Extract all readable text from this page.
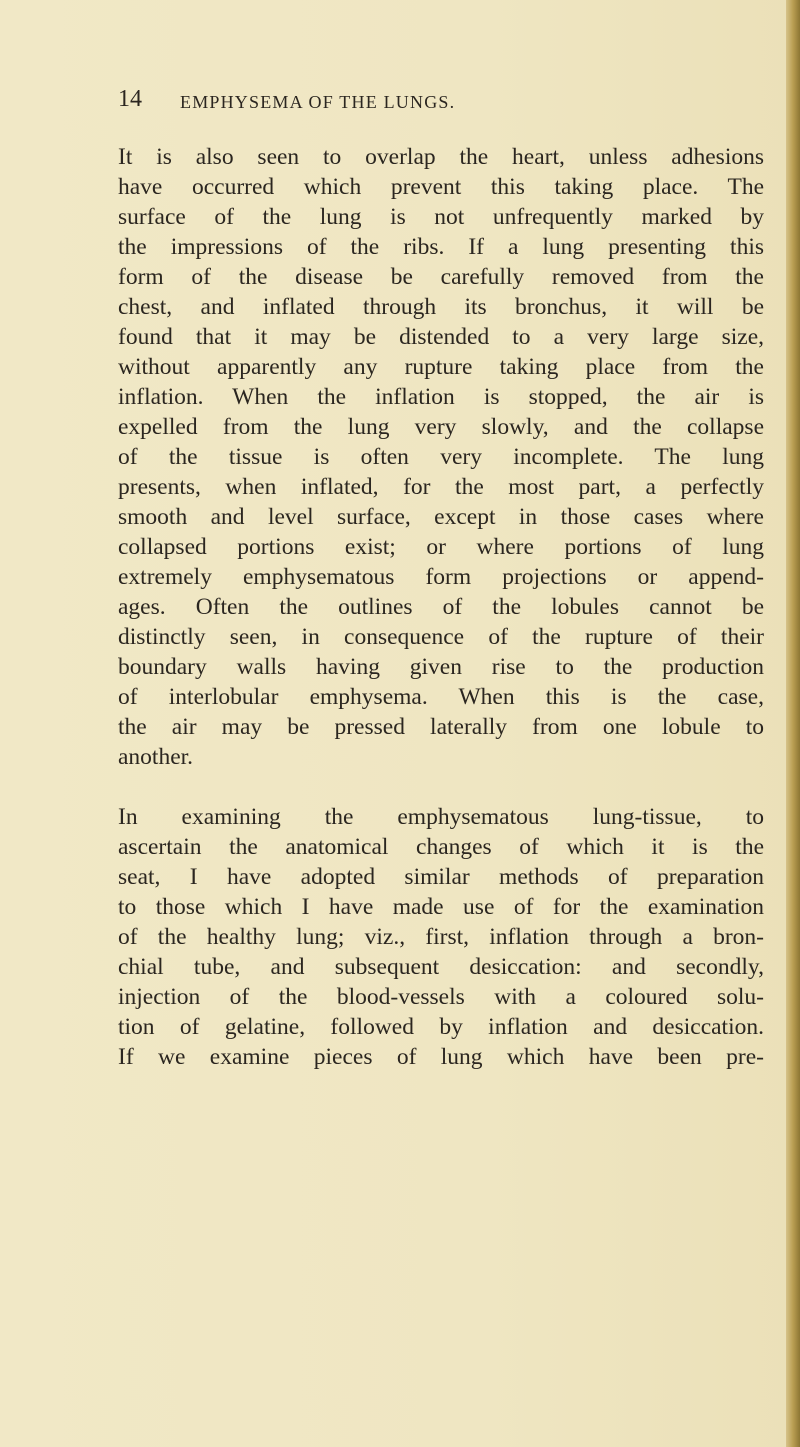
14 EMPHYSEMA OF THE LUNGS.
It is also seen to overlap the heart, unless adhesions
have occurred which prevent this taking place. The
surface of the lung is not unfrequently marked by
the impressions of the ribs. If a lung presenting this
form of the disease be carefully removed from the
chest, and inflated through its bronchus, it will be
found that it may be distended to a very large size,
without apparently any rupture taking place from the
inflation. When the inflation is stopped, the air is
expelled from the lung very slowly, and the collapse
of the tissue is often very incomplete. The lung
presents, when inflated, for the most part, a perfectly
smooth and level surface, except in those cases where
collapsed portions exist; or where portions of lung
extremely emphysematous form projections or append-
ages. Often the outlines of the lobules cannot be
distinctly seen, in consequence of the rupture of their
boundary walls having given rise to the production
of interlobular emphysema. When this is the case,
the air may be pressed laterally from one lobule to
another.
In examining the emphysematous lung-tissue, to
ascertain the anatomical changes of which it is the
seat, I have adopted similar methods of preparation
to those which I have made use of for the examination
of the healthy lung; viz., first, inflation through a bron-
chial tube, and subsequent desiccation: and secondly,
injection of the blood-vessels with a coloured solu-
tion of gelatine, followed by inflation and desiccation.
If we examine pieces of lung which have been pre-
